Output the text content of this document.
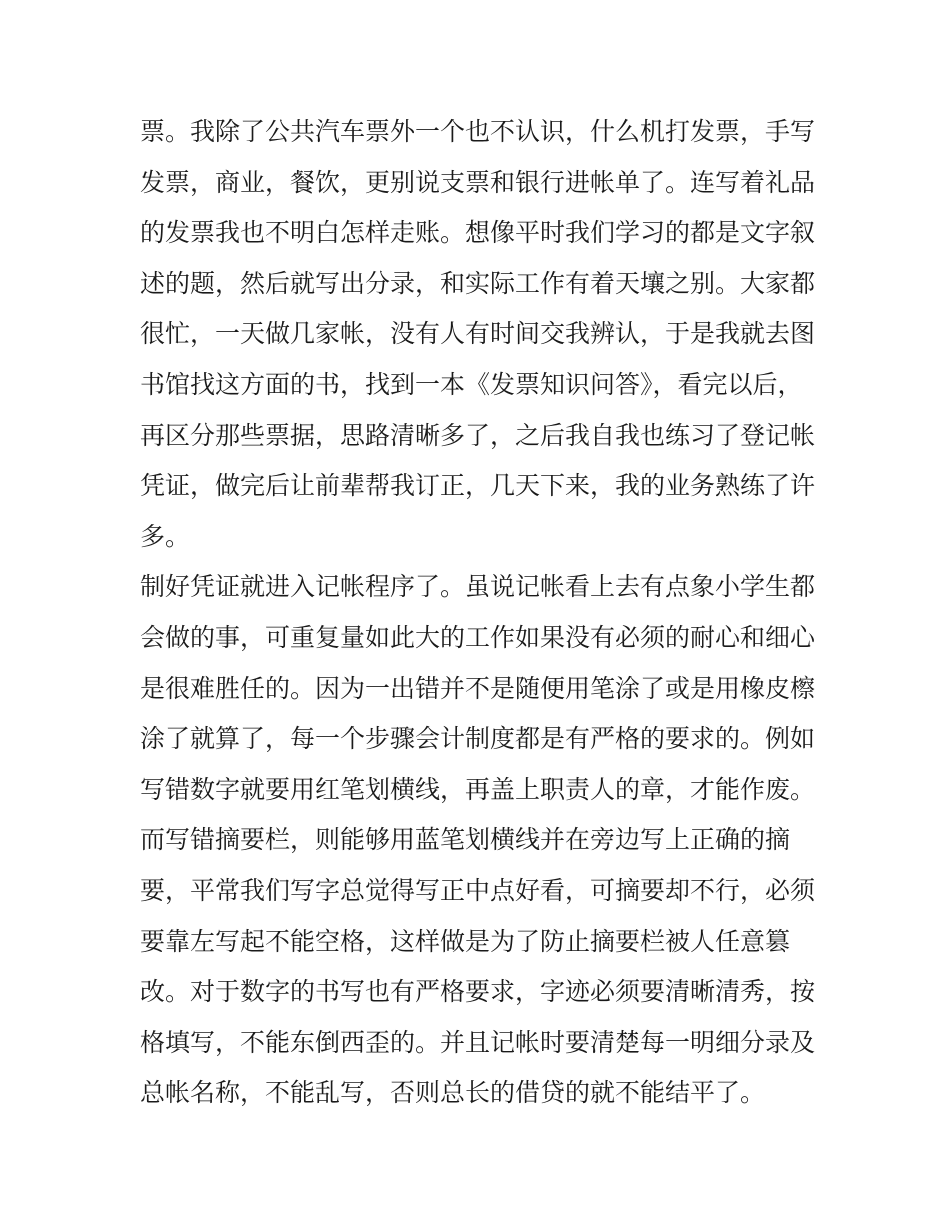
票。我除了公共汽车票外一个也不认识，什么机打发票，手写
发票，商业，餐饮，更别说支票和银行进帐单了。连写着礼品
的发票我也不明白怎样走账。想像平时我们学习的都是文字叙
述的题，然后就写出分录，和实际工作有着天壤之别。大家都
很忙，一天做几家帐，没有人有时间交我辨认，于是我就去图
书馆找这方面的书，找到一本《发票知识问答》，看完以后，
再区分那些票据，思路清晰多了，之后我自我也练习了登记帐
凭证，做完后让前辈帮我订正，几天下来，我的业务熟练了许
多。
制好凭证就进入记帐程序了。虽说记帐看上去有点象小学生都
会做的事，可重复量如此大的工作如果没有必须的耐心和细心
是很难胜任的。因为一出错并不是随便用笔涂了或是用橡皮檫
涂了就算了，每一个步骤会计制度都是有严格的要求的。例如
写错数字就要用红笔划横线，再盖上职责人的章，才能作废。
而写错摘要栏，则能够用蓝笔划横线并在旁边写上正确的摘
要，平常我们写字总觉得写正中点好看，可摘要却不行，必须
要靠左写起不能空格，这样做是为了防止摘要栏被人任意篡
改。对于数字的书写也有严格要求，字迹必须要清晰清秀，按
格填写，不能东倒西歪的。并且记帐时要清楚每一明细分录及
总帐名称，不能乱写，否则总长的借贷的就不能结平了。
